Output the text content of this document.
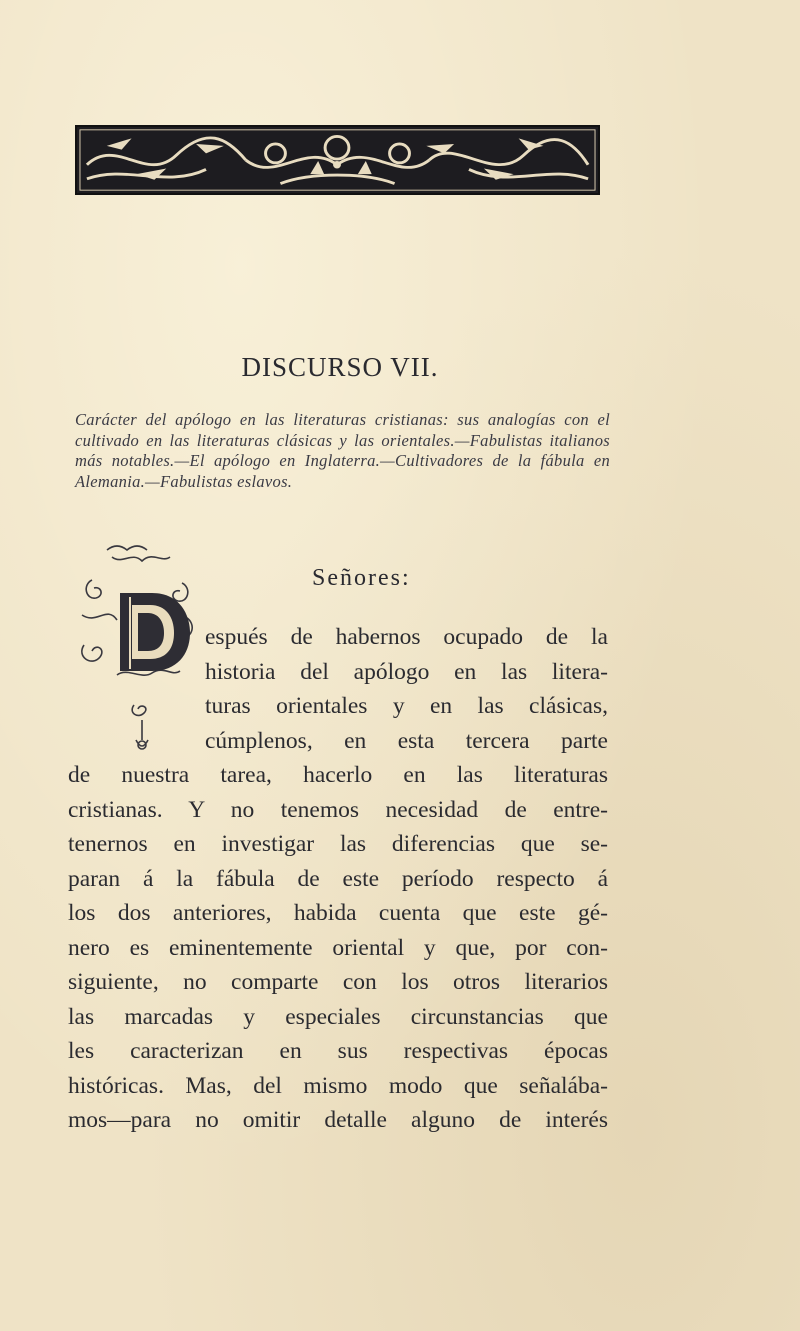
DISCURSO VII.
Carácter del apólogo en las literaturas cristianas: sus analogías con el cultivado en las literaturas clásicas y las orientales.—Fabulistas italianos más notables.—El apólogo en Inglaterra.—Cultivadores de la fábula en Alemania.—Fabulistas eslavos.
Señores:
espués de habernos ocupado de la
historia del apólogo en las litera-
turas orientales y en las clásicas,
cúmplenos, en esta tercera parte
de nuestra tarea, hacerlo en las literaturas
cristianas. Y no tenemos necesidad de entre-
tenernos en investigar las diferencias que se-
paran á la fábula de este período respecto á
los dos anteriores, habida cuenta que este gé-
nero es eminentemente oriental y que, por con-
siguiente, no comparte con los otros literarios
las marcadas y especiales circunstancias que
les caracterizan en sus respectivas épocas
históricas. Mas, del mismo modo que señalába-
mos—para no omitir detalle alguno de interés
